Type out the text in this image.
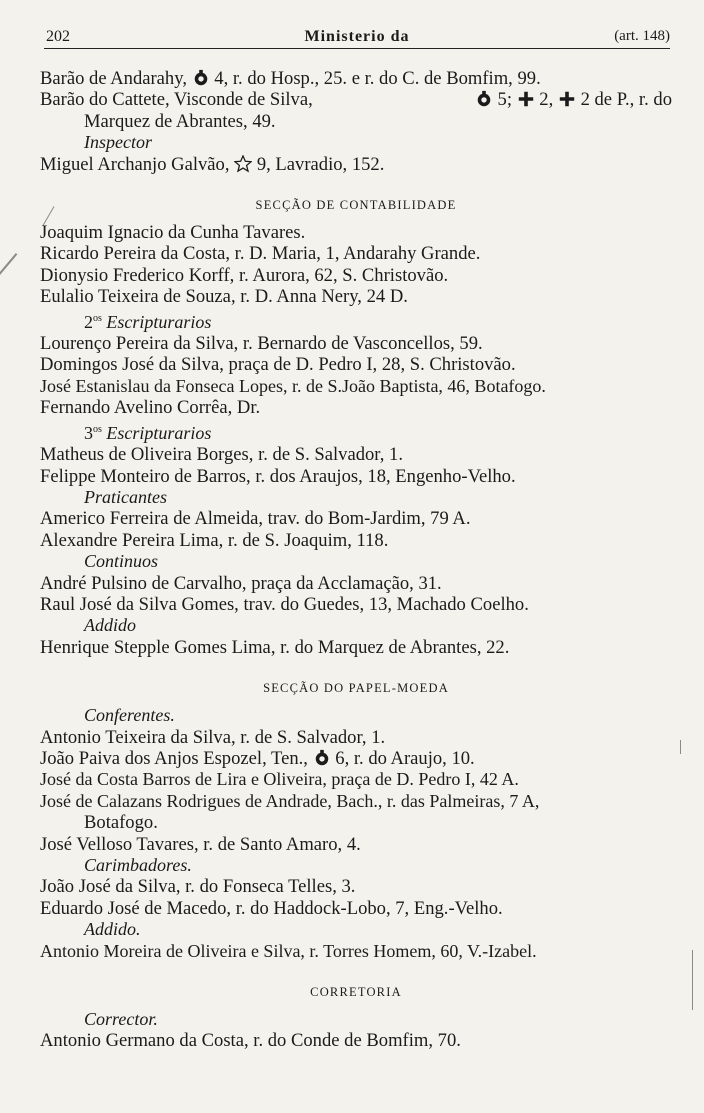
202	Ministerio da	(art. 148)
Barão de Andarahy, 4, r. do Hosp., 25. e r. do C. de Bomfim, 99.
Barão do Cattete, Visconde de Silva,	5; 2, 2 de P., r. do
Marquez de Abrantes, 49.
Inspector
Miguel Archanjo Galvão, 9, Lavradio, 152.
SECÇÃO DE CONTABILIDADE
Joaquim Ignacio da Cunha Tavares.
Ricardo Pereira da Costa, r. D. Maria, 1, Andarahy Grande.
Dionysio Frederico Korff, r. Aurora, 62, S. Christovão.
Eulalio Teixeira de Souza, r. D. Anna Nery, 24 D.
$2^{os}$ Escripturarios
Lourenço Pereira da Silva, r. Bernardo de Vasconcellos, 59.
Domingos José da Silva, praça de D. Pedro I, 28, S. Christovão.
José Estanislau da Fonseca Lopes, r. de S.João Baptista, 46, Botafogo.
Fernando Avelino Corrêa, Dr.
$3^{os}$ Escripturarios
Matheus de Oliveira Borges, r. de S. Salvador, 1.
Felippe Monteiro de Barros, r. dos Araujos, 18, Engenho-Velho.
Praticantes
Americo Ferreira de Almeida, trav. do Bom-Jardim, 79 A.
Alexandre Pereira Lima, r. de S. Joaquim, 118.
Continuos
André Pulsino de Carvalho, praça da Acclamação, 31.
Raul José da Silva Gomes, trav. do Guedes, 13, Machado Coelho.
Addido
Henrique Stepple Gomes Lima, r. do Marquez de Abrantes, 22.
SECÇÃO DO PAPEL-MOEDA
Conferentes.
Antonio Teixeira da Silva, r. de S. Salvador, 1.
João Paiva dos Anjos Espozel, Ten., 6, r. do Araujo, 10.
José da Costa Barros de Lira e Oliveira, praça de D. Pedro I, 42 A.
José de Calazans Rodrigues de Andrade, Bach., r. das Palmeiras, 7 A,
Botafogo.
José Velloso Tavares, r. de Santo Amaro, 4.
Carimbadores.
João José da Silva, r. do Fonseca Telles, 3.
Eduardo José de Macedo, r. do Haddock-Lobo, 7, Eng.-Velho.
Addido.
Antonio Moreira de Oliveira e Silva, r. Torres Homem, 60, V.-Izabel.
CORRETORIA
Corrector.
Antonio Germano da Costa, r. do Conde de Bomfim, 70.
